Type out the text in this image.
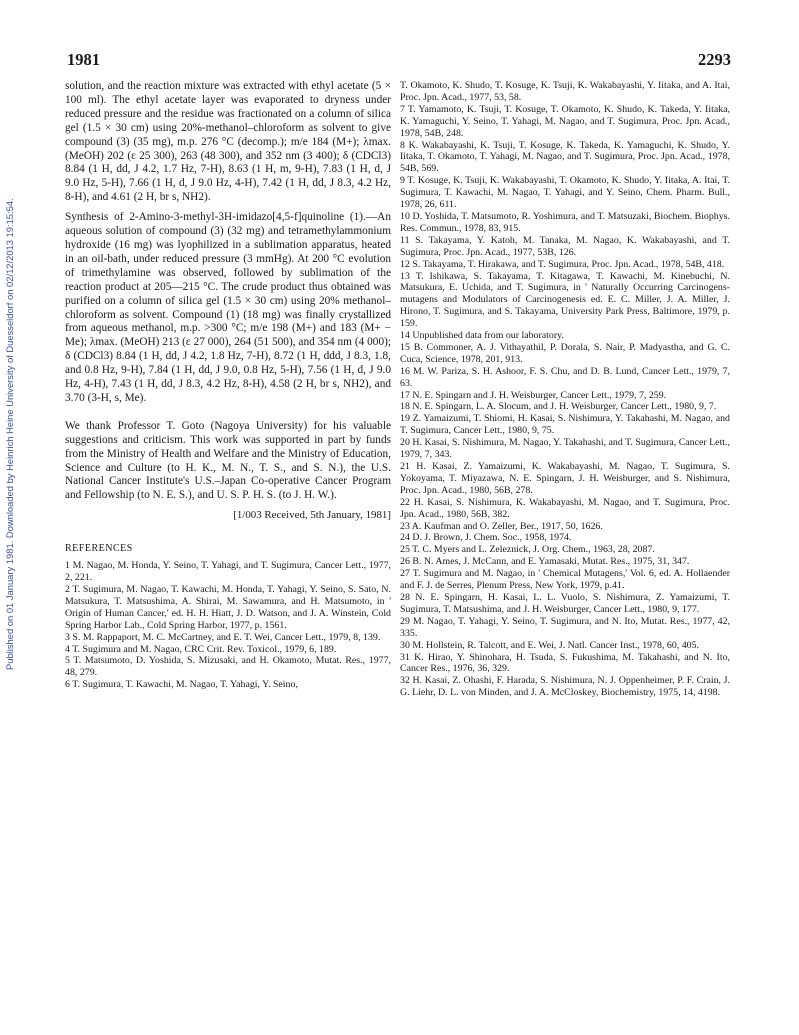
Published on 01 January 1981. Downloaded by Heinrich Heine University of Duesseldorf on 02/12/2013 19:15:54.
1981	2293

solution, and the reaction mixture was extracted with ethyl acetate (5 × 100 ml). The ethyl acetate layer was evaporated to dryness under reduced pressure and the residue was fractionated on a column of silica gel (1.5 × 30 cm) using 20%-methanol–chloroform as solvent to give compound (3) (35 mg), m.p. 276 °C (decomp.); m/e 184 (M+); λmax. (MeOH) 202 (ε 25 300), 263 (48 300), and 352 nm (3 400); δ (CDCl3) 8.84 (1 H, dd, J 4.2, 1.7 Hz, 7-H), 8.63 (1 H, m, 9-H), 7.83 (1 H, d, J 9.0 Hz, 5-H), 7.66 (1 H, d, J 9.0 Hz, 4-H), 7.42 (1 H, dd, J 8.3, 4.2 Hz, 8-H), and 4.61 (2 H, br s, NH2).

Synthesis of 2-Amino-3-methyl-3H-imidazo[4,5-f]quinoline (1).—An aqueous solution of compound (3) (32 mg) and tetramethylammonium hydroxide (16 mg) was lyophilized in a sublimation apparatus, heated in an oil-bath, under reduced pressure (3 mmHg). At 200 °C evolution of trimethylamine was observed, followed by sublimation of the reaction product at 205—215 °C. The crude product thus obtained was purified on a column of silica gel (1.5 × 30 cm) using 20% methanol–chloroform as solvent. Compound (1) (18 mg) was finally crystallized from aqueous methanol, m.p. >300 °C; m/e 198 (M+) and 183 (M+ − Me); λmax. (MeOH) 213 (ε 27 000), 264 (51 500), and 354 nm (4 000); δ (CDCl3) 8.84 (1 H, dd, J 4.2, 1.8 Hz, 7-H), 8.72 (1 H, ddd, J 8.3, 1.8, and 0.8 Hz, 9-H), 7.84 (1 H, dd, J 9.0, 0.8 Hz, 5-H), 7.56 (1 H, d, J 9.0 Hz, 4-H), 7.43 (1 H, dd, J 8.3, 4.2 Hz, 8-H), 4.58 (2 H, br s, NH2), and 3.70 (3-H, s, Me).

We thank Professor T. Goto (Nagoya University) for his valuable suggestions and criticism. This work was supported in part by funds from the Ministry of Health and Welfare and the Ministry of Education, Science and Culture (to H. K., M. N., T. S., and S. N.), the U.S. National Cancer Institute's U.S.–Japan Co-operative Cancer Program and Fellowship (to N. E. S.), and U. S. P. H. S. (to J. H. W.).

[1/003 Received, 5th January, 1981]
REFERENCES

1 M. Nagao, M. Honda, Y. Seino, T. Yahagi, and T. Sugimura, Cancer Lett., 1977, 2, 221.

2 T. Sugimura, M. Nagao, T. Kawachi, M. Honda, T. Yahagi, Y. Seino, S. Sato, N. Matsukura, T. Matsushima, A. Shirai, M. Sawamura, and H. Matsumoto, in ' Origin of Human Cancer,' ed. H. H. Hiatt, J. D. Watson, and J. A. Winstein, Cold Spring Harbor Lab., Cold Spring Harbor, 1977, p. 1561.

3 S. M. Rappaport, M. C. McCartney, and E. T. Wei, Cancer Lett., 1979, 8, 139.

4 T. Sugimura and M. Nagao, CRC Crit. Rev. Toxicol., 1979, 6, 189.

5 T. Matsumoto, D. Yoshida, S. Mizusaki, and H. Okamoto, Mutat. Res., 1977, 48, 279.

6 T. Sugimura, T. Kawachi, M. Nagao, T. Yahagi, Y. Seino,

T. Okamoto, K. Shudo, T. Kosuge, K. Tsuji, K. Wakabayashi, Y. Iitaka, and A. Itai, Proc. Jpn. Acad., 1977, 53, 58.

7 T. Yamamoto, K. Tsuji, T. Kosuge, T. Okamoto, K. Shudo, K. Takeda, Y. Iitaka, K. Yamaguchi, Y. Seino, T. Yahagi, M. Nagao, and T. Sugimura, Proc. Jpn. Acad., 1978, 54B, 248.

8 K. Wakabayashi, K. Tsuji, T. Kosuge, K. Takeda, K. Yamaguchi, K. Shudo, Y. Iitaka, T. Okamoto, T. Yahagi, M. Nagao, and T. Sugimura, Proc. Jpn. Acad., 1978, 54B, 569.

9 T. Kosuge, K. Tsuji, K. Wakabayashi, T. Okamoto, K. Shudo, Y. Iitaka, A. Itai, T. Sugimura, T. Kawachi, M. Nagao, T. Yahagi, and Y. Seino, Chem. Pharm. Bull., 1978, 26, 611.

10 D. Yoshida, T. Matsumoto, R. Yoshimura, and T. Matsuzaki, Biochem. Biophys. Res. Commun., 1978, 83, 915.

11 S. Takayama, Y. Katoh, M. Tanaka, M. Nagao, K. Wakabayashi, and T. Sugimura, Proc. Jpn. Acad., 1977, 53B, 126.

12 S. Takayama, T. Hirakawa, and T. Sugimura, Proc. Jpn. Acad., 1978, 54B, 418.

13 T. Ishikawa, S. Takayama, T. Kitagawa, T. Kawachi, M. Kinebuchi, N. Matsukura, E. Uchida, and T. Sugimura, in ' Naturally Occurring Carcinogens-mutagens and Modulators of Carcinogenesis ed. E. C. Miller, J. A. Miller, J. Hirono, T. Sugimura, and S. Takayama, University Park Press, Baltimore, 1979, p. 159.

14 Unpublished data from our laboratory.

15 B. Commoner, A. J. Vithayathil, P. Dorala, S. Nair, P. Madyastha, and G. C. Cuca, Science, 1978, 201, 913.

16 M. W. Pariza, S. H. Ashoor, F. S. Chu, and D. B. Lund, Cancer Lett., 1979, 7, 63.

17 N. E. Spingarn and J. H. Weisburger, Cancer Lett., 1979, 7, 259.

18 N. E. Spingarn, L. A. Slocum, and J. H. Weisburger, Cancer Lett., 1980, 9, 7.

19 Z. Yamaizumi, T. Shiomi, H. Kasai, S. Nishimura, Y. Takahashi, M. Nagao, and T. Sugimura, Cancer Lett., 1980, 9, 75.

20 H. Kasai, S. Nishimura, M. Nagao, Y. Takahashi, and T. Sugimura, Cancer Lett., 1979, 7, 343.

21 H. Kasai, Z. Yamaizumi, K. Wakabayashi, M. Nagao, T. Sugimura, S. Yokoyama, T. Miyazawa, N. E. Spingarn, J. H. Weisburger, and S. Nishimura, Proc. Jpn. Acad., 1980, 56B, 278.

22 H. Kasai, S. Nishimura, K. Wakabayashi, M. Nagao, and T. Sugimura, Proc. Jpn. Acad., 1980, 56B, 382.

23 A. Kaufman and O. Zeller, Ber., 1917, 50, 1626.

24 D. J. Brown, J. Chem. Soc., 1958, 1974.

25 T. C. Myers and L. Zeleznick, J. Org. Chem., 1963, 28, 2087.

26 B. N. Ames, J. McCann, and E. Yamasaki, Mutat. Res., 1975, 31, 347.

27 T. Sugimura and M. Nagao, in ' Chemical Mutagens,' Vol. 6, ed. A. Hollaender and F. J. de Serres, Plenum Press, New York, 1979, p.41.

28 N. E. Spingarn, H. Kasai, L. L. Vuolo, S. Nishimura, Z. Yamaizumi, T. Sugimura, T. Matsushima, and J. H. Weisburger, Cancer Lett., 1980, 9, 177.

29 M. Nagao, T. Yahagi, Y. Seino, T. Sugimura, and N. Ito, Mutat. Res., 1977, 42, 335.

30 M. Hollstein, R. Talcott, and E. Wei, J. Natl. Cancer Inst., 1978, 60, 405.

31 K. Hirao, Y. Shinohara, H. Tsuda, S. Fukushima, M. Takahashi, and N. Ito, Cancer Res., 1976, 36, 329.

32 H. Kasai, Z. Ohashi, F. Harada, S. Nishimura, N. J. Oppenheimer, P. F. Crain, J. G. Liehr, D. L. von Minden, and J. A. McCloskey, Biochemistry, 1975, 14, 4198.
